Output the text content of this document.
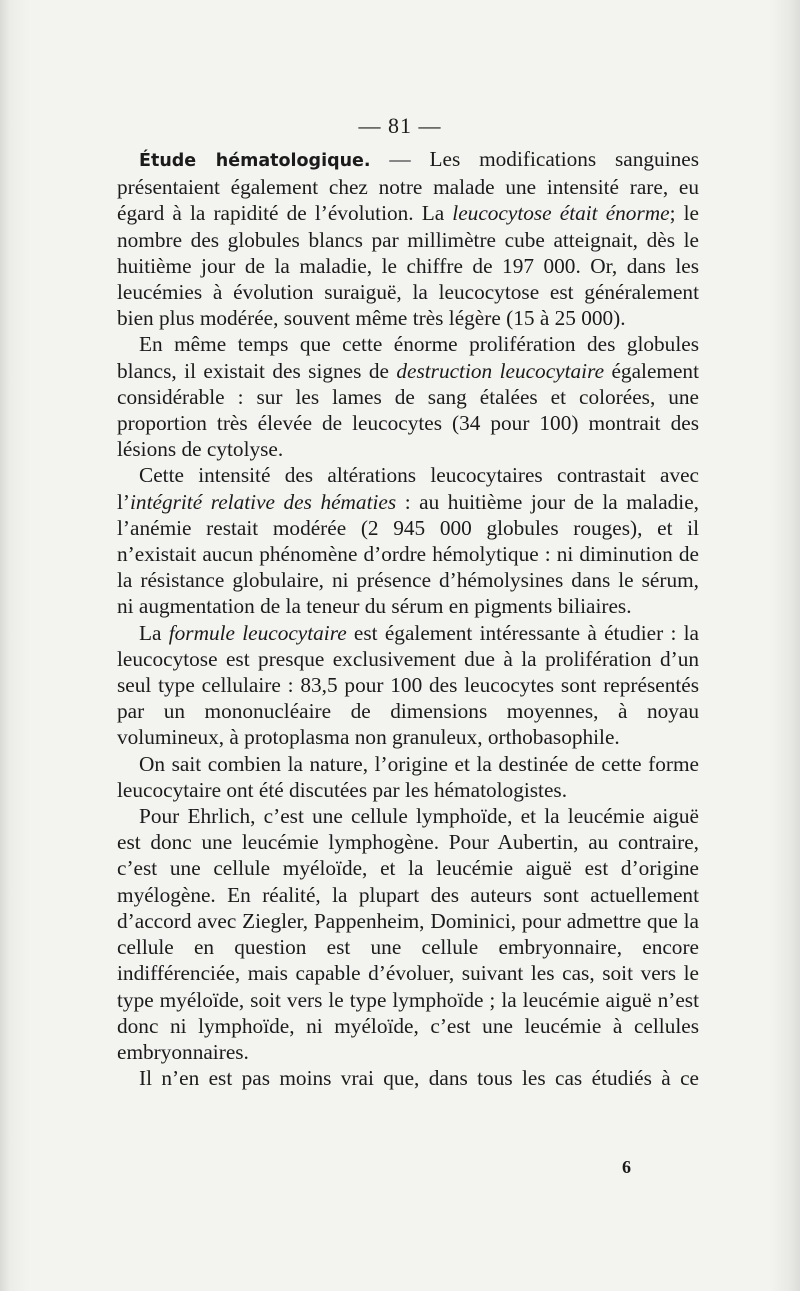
— 81 —

Étude hématologique. — Les modifications sanguines présentaient également chez notre malade une intensité rare, eu égard à la rapidité de l’évolution. La leucocytose était énorme; le nombre des globules blancs par millimètre cube atteignait, dès le huitième jour de la maladie, le chiffre de 197 000. Or, dans les leucémies à évolution suraiguë, la leucocytose est généralement bien plus modérée, souvent même très légère (15 à 25 000).

En même temps que cette énorme prolifération des globules blancs, il existait des signes de destruction leucocytaire également considérable : sur les lames de sang étalées et colorées, une proportion très élevée de leucocytes (34 pour 100) montrait des lésions de cytolyse.

Cette intensité des altérations leucocytaires contrastait avec l’intégrité relative des hématies : au huitième jour de la maladie, l’anémie restait modérée (2 945 000 globules rouges), et il n’existait aucun phénomène d’ordre hémolytique : ni diminution de la résistance globulaire, ni présence d’hémolysines dans le sérum, ni augmentation de la teneur du sérum en pigments biliaires.

La formule leucocytaire est également intéressante à étudier : la leucocytose est presque exclusivement due à la prolifération d’un seul type cellulaire : 83,5 pour 100 des leucocytes sont représentés par un mononucléaire de dimensions moyennes, à noyau volumineux, à protoplasma non granuleux, orthobasophile.

On sait combien la nature, l’origine et la destinée de cette forme leucocytaire ont été discutées par les hématologistes.

Pour Ehrlich, c’est une cellule lymphoïde, et la leucémie aiguë est donc une leucémie lymphogène. Pour Aubertin, au contraire, c’est une cellule myéloïde, et la leucémie aiguë est d’origine myélogène. En réalité, la plupart des auteurs sont actuellement d’accord avec Ziegler, Pappenheim, Dominici, pour admettre que la cellule en question est une cellule embryonnaire, encore indifférenciée, mais capable d’évoluer, suivant les cas, soit vers le type myéloïde, soit vers le type lymphoïde ; la leucémie aiguë n’est donc ni lymphoïde, ni myéloïde, c’est une leucémie à cellules embryonnaires.

Il n’en est pas moins vrai que, dans tous les cas étudiés à ce

6
